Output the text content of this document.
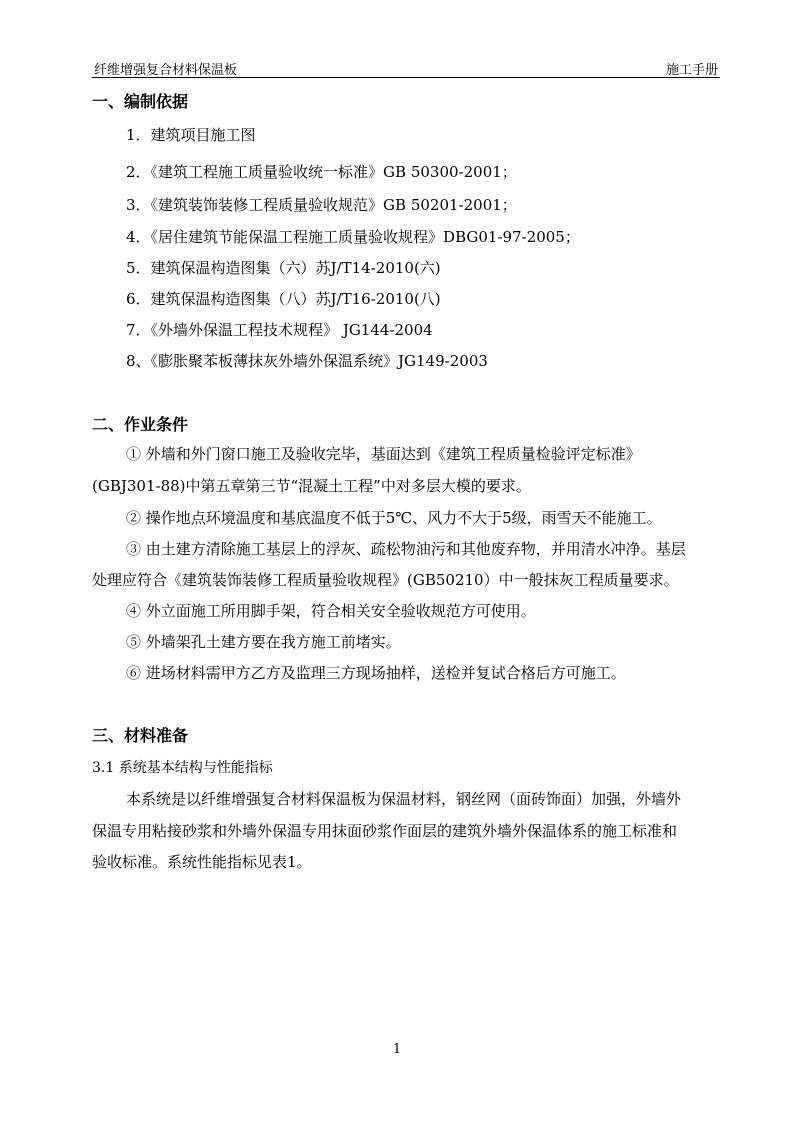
纤维增强复合材料保温板	施工手册
一、编制依据
1．建筑项目施工图
2．《建筑工程施工质量验收统一标准》GB 50300-2001；
3．《建筑装饰装修工程质量验收规范》GB 50201-2001；
4．《居住建筑节能保温工程施工质量验收规程》DBG01-97-2005；
5．建筑保温构造图集（六）苏J/T14-2010(六)
6．建筑保温构造图集（八）苏J/T16-2010(八)
7．《外墙外保温工程技术规程》 JG144-2004
8、《膨胀聚苯板薄抹灰外墙外保温系统》JG149-2003
二、作业条件
① 外墙和外门窗口施工及验收完毕，基面达到《建筑工程质量检验评定标准》
(GBJ301-88)中第五章第三节“混凝土工程”中对多层大模的要求。
② 操作地点环境温度和基底温度不低于5℃、风力不大于5级，雨雪天不能施工。
③ 由土建方清除施工基层上的浮灰、疏松物油污和其他废弃物，并用清水冲净。基层
处理应符合《建筑装饰装修工程质量验收规程》(GB50210）中一般抹灰工程质量要求。
④ 外立面施工所用脚手架，符合相关安全验收规范方可使用。
⑤ 外墙架孔土建方要在我方施工前堵实。
⑥ 进场材料需甲方乙方及监理三方现场抽样，送检并复试合格后方可施工。
三、材料准备
3.1 系统基本结构与性能指标
本系统是以纤维增强复合材料保温板为保温材料，钢丝网（面砖饰面）加强，外墙外
保温专用粘接砂浆和外墙外保温专用抹面砂浆作面层的建筑外墙外保温体系的施工标准和
验收标准。系统性能指标见表1。
1
